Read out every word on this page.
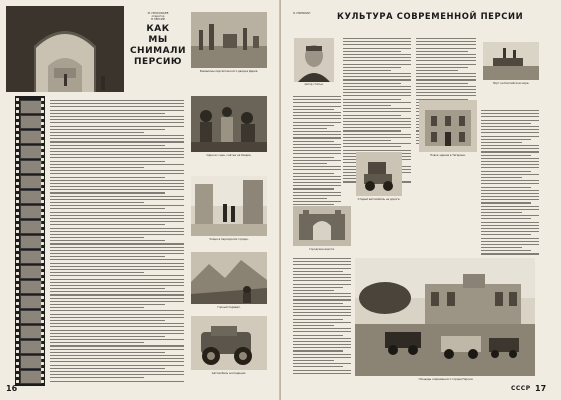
М. ПРОКОФЬЕВ
оператор
В ПЕРСИИ
КАК
МЫ
СНИМАЛИ
ПЕРСИЮ
Развалины персепольского дворца Дария.
Одна из сцен, снятых на базаре.
Улица в персидском городе.
Горный перевал.
Автомобиль экспедиции.
16
Я. МИЛЬМАН	КУЛЬТУРА СОВРЕМЕННОЙ ПЕРСИИ
Автор статьи.
Старый автомобиль на дороге.
Городские ворота.
Порт на Каспийском море.
Новое здание в Тегеране.
Площадь современного города Персии.
17
СССР
